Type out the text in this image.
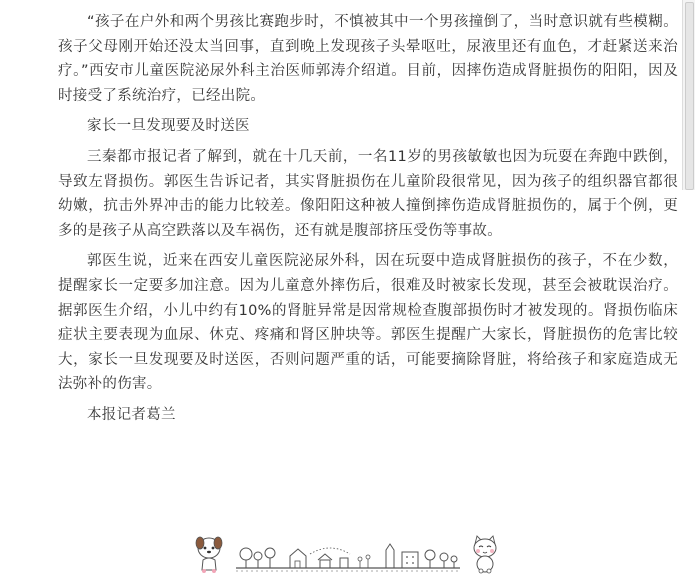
“孩子在户外和两个男孩比赛跑步时，不慎被其中一个男孩撞倒了，当时意识就有些模糊。孩子父母刚开始还没太当回事，直到晚上发现孩子头晕呕吐，尿液里还有血色，才赶紧送来治疗。”西安市儿童医院泌尿外科主治医师郭涛介绍道。目前，因摔伤造成肾脏损伤的阳阳，因及时接受了系统治疗，已经出院。

家长一旦发现要及时送医

三秦都市报记者了解到，就在十几天前，一名11岁的男孩敏敏也因为玩耍在奔跑中跌倒，导致左肾损伤。郭医生告诉记者，其实肾脏损伤在儿童阶段很常见，因为孩子的组织器官都很幼嫩，抗击外界冲击的能力比较差。像阳阳这种被人撞倒摔伤造成肾脏损伤的，属于个例，更多的是孩子从高空跌落以及车祸伤，还有就是腹部挤压受伤等事故。

郭医生说，近来在西安儿童医院泌尿外科，因在玩耍中造成肾脏损伤的孩子，不在少数，提醒家长一定要多加注意。因为儿童意外摔伤后，很难及时被家长发现，甚至会被耽误治疗。据郭医生介绍，小儿中约有10%的肾脏异常是因常规检查腹部损伤时才被发现的。肾损伤临床症状主要表现为血尿、休克、疼痛和肾区肿块等。郭医生提醒广大家长，肾脏损伤的危害比较大，家长一旦发现要及时送医，否则问题严重的话，可能要摘除肾脏，将给孩子和家庭造成无法弥补的伤害。

本报记者葛兰
